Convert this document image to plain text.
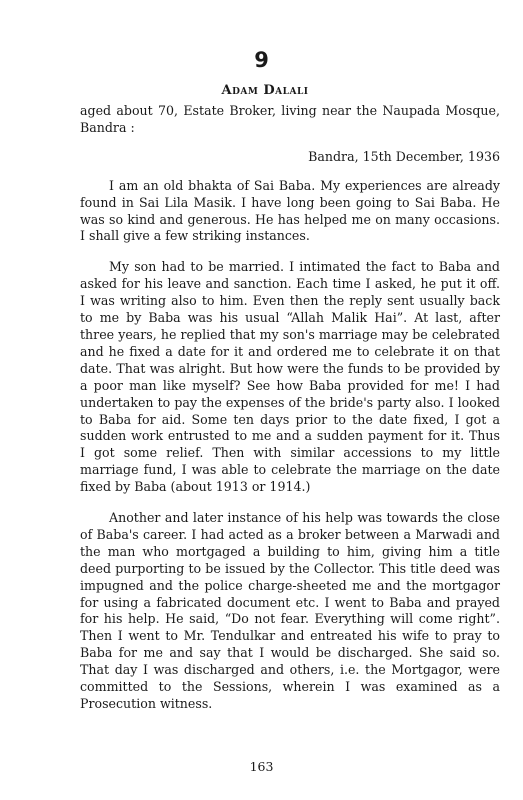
9
Adam Dalali

aged about 70, Estate Broker, living near the Naupada Mosque, Bandra :

Bandra, 15th December, 1936

I am an old bhakta of Sai Baba. My experiences are already found in Sai Lila Masik. I have long been going to Sai Baba. He was so kind and generous. He has helped me on many occasions. I shall give a few striking instances.

My son had to be married. I intimated the fact to Baba and asked for his leave and sanction. Each time I asked, he put it off. I was writing also to him. Even then the reply sent usually back to me by Baba was his usual “Allah Malik Hai”. At last, after three years, he replied that my son's marriage may be celebrated and he fixed a date for it and ordered me to celebrate it on that date. That was alright. But how were the funds to be provided by a poor man like myself? See how Baba provided for me! I had undertaken to pay the expenses of the bride's party also. I looked to Baba for aid. Some ten days prior to the date fixed, I got a sudden work entrusted to me and a sudden payment for it. Thus I got some relief. Then with similar accessions to my little marriage fund, I was able to celebrate the marriage on the date fixed by Baba (about 1913 or 1914.)

Another and later instance of his help was towards the close of Baba's career. I had acted as a broker between a Marwadi and the man who mortgaged a building to him, giving him a title deed purporting to be issued by the Collector. This title deed was impugned and the police charge-sheeted me and the mortgagor for using a fabricated document etc. I went to Baba and prayed for his help. He said, “Do not fear. Everything will come right”. Then I went to Mr. Tendulkar and entreated his wife to pray to Baba for me and say that I would be discharged. She said so. That day I was discharged and others, i.e. the Mortgagor, were committed to the Sessions, wherein I was examined as a Prosecution witness.

163
